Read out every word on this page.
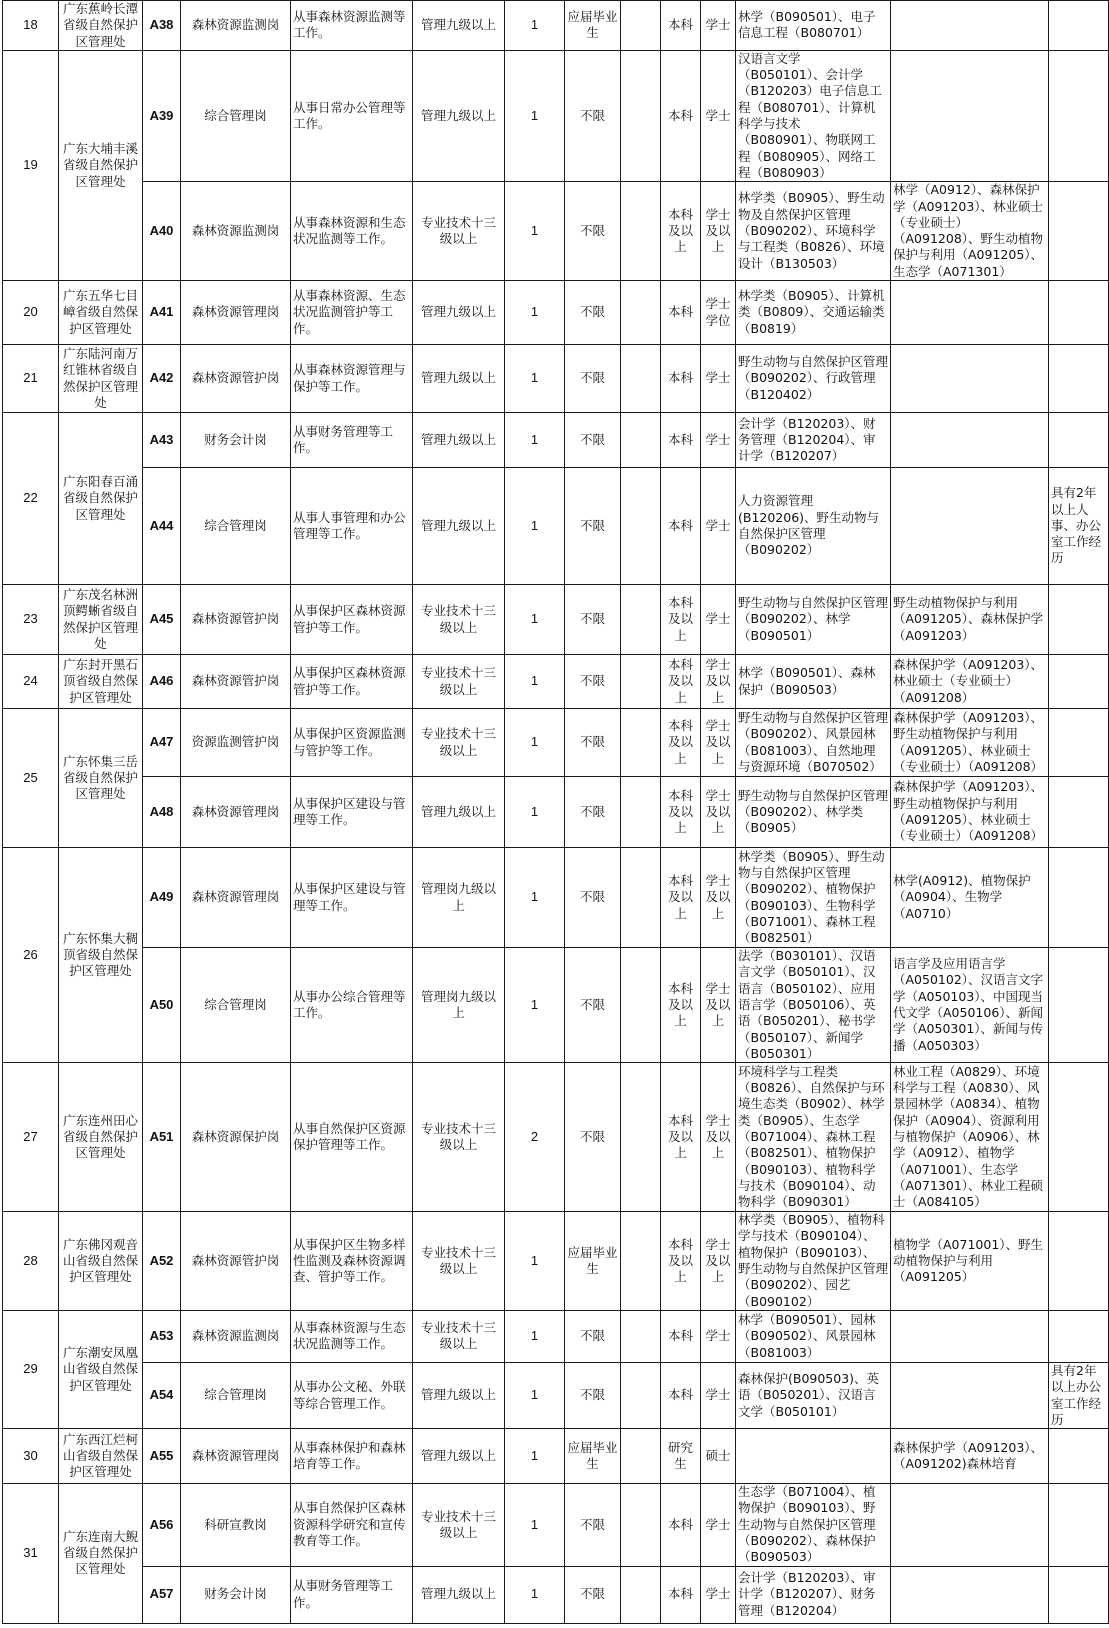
18	广东蕉岭长潭省级自然保护区管理处	A38	森林资源监测岗	从事森林资源监测等工作。	管理九级以上	1	应届毕业生		本科	学士	林学（B090501）、电子信息工程（B080701）		
19	广东大埔丰溪省级自然保护区管理处	A39	综合管理岗	从事日常办公管理等工作。	管理九级以上	1	不限		本科	学士	汉语言文学（B050101）、会计学（B120203）电子信息工程（B080701）、计算机科学与技术（B080901）、物联网工程（B080905）、网络工程（B080903）		
		A40	森林资源监测岗	从事森林资源和生态状况监测等工作。	专业技术十三级以上	1	不限		本科及以上	学士及以上	林学类（B0905）、野生动物及自然保护区管理（B090202）、环境科学与工程类（B0826）、环境设计（B130503）	林学（A0912）、森林保护学（A091203）、林业硕士（专业硕士）（A091208）、野生动植物保护与利用（A091205）、生态学（A071301）	
20	广东五华七目嶂省级自然保护区管理处	A41	森林资源管理岗	从事森林资源、生态状况监测管护等工作。	管理九级以上	1	不限		本科	学士学位	林学类（B0905）、计算机类（B0809）、交通运输类（B0819）		
21	广东陆河南万红锥林省级自然保护区管理处	A42	森林资源管护岗	从事森林资源管理与保护等工作。	管理九级以上	1	不限		本科	学士	野生动物与自然保护区管理（B090202）、行政管理（B120402）		
22	广东阳春百涌省级自然保护区管理处	A43	财务会计岗	从事财务管理等工作。	管理九级以上	1	不限		本科	学士	会计学（B120203）、财务管理（B120204）、审计学（B120207）		
		A44	综合管理岗	从事人事管理和办公管理等工作。	管理九级以上	1	不限		本科	学士	人力资源管理(B120206)、野生动物与自然保护区管理（B090202）		具有2年以上人事、办公室工作经历
23	广东茂名林洲顶鳄蜥省级自然保护区管理处	A45	森林资源管护岗	从事保护区森林资源管护等工作。	专业技术十三级以上	1	不限		本科及以上	学士	野生动物与自然保护区管理（B090202）、林学（B090501）	野生动植物保护与利用（A091205）、森林保护学（A091203）	
24	广东封开黑石顶省级自然保护区管理处	A46	森林资源管护岗	从事保护区森林资源管护等工作。	专业技术十三级以上	1	不限		本科及以上	学士及以上	林学（B090501）、森林保护（B090503）	森林保护学（A091203）、林业硕士（专业硕士）（A091208）	
25	广东怀集三岳省级自然保护区管理处	A47	资源监测管护岗	从事保护区资源监测与管护等工作。	专业技术十三级以上	1	不限		本科及以上	学士及以上	野生动物与自然保护区管理（B090202）、风景园林（B081003）、自然地理与资源环境（B070502）	森林保护学（A091203）、野生动植物保护与利用（A091205）、林业硕士（专业硕士）（A091208）	
		A48	森林资源管理岗	从事保护区建设与管理等工作。	管理九级以上	1	不限		本科及以上	学士及以上	野生动物与自然保护区管理（B090202）、林学类（B0905）	森林保护学（A091203）、野生动植物保护与利用（A091205）、林业硕士（专业硕士）（A091208）	
26	广东怀集大稠顶省级自然保护区管理处	A49	森林资源管理岗	从事保护区建设与管理等工作。	管理岗九级以上	1	不限		本科及以上	学士及以上	林学类（B0905）、野生动物与自然保护区管理（B090202）、植物保护（B090103）、生物科学（B071001）、森林工程（B082501）	林学(A0912)、植物保护（A0904）、生物学（A0710）	
		A50	综合管理岗	从事办公综合管理等工作。	管理岗九级以上	1	不限		本科及以上	学士及以上	法学（B030101）、汉语言文学（B050101）、汉语言（B050102）、应用语言学（B050106）、英语（B050201）、秘书学（B050107）、新闻学（B050301）	语言学及应用语言学（A050102）、汉语言文字学（A050103）、中国现当代文学（A050106）、新闻学（A050301）、新闻与传播（A050303）	
27	广东连州田心省级自然保护区管理处	A51	森林资源保护岗	从事自然保护区资源保护管理等工作。	专业技术十三级以上	2	不限		本科及以上	学士及以上	环境科学与工程类（B0826）、自然保护与环境生态类（B0902）、林学类（B0905）、生态学（B071004）、森林工程（B082501）、植物保护（B090103）、植物科学与技术（B090104）、动物科学（B090301）	林业工程（A0829）、环境科学与工程（A0830）、风景园林学（A0834）、植物保护（A0904）、资源利用与植物保护（A0906）、林学（A0912）、植物学（A071001）、生态学（A071301）、林业工程硕士（A084105）	
28	广东佛冈观音山省级自然保护区管理处	A52	森林资源管护岗	从事保护区生物多样性监测及森林资源调查、管护等工作。	专业技术十三级以上	1	应届毕业生		本科及以上	学士及以上	林学类（B0905）、植物科学与技术（B090104）、植物保护（B090103）、野生动物与自然保护区管理（B090202）、园艺（B090102）	植物学（A071001）、野生动植物保护与利用（A091205）	
29	广东潮安凤凰山省级自然保护区管理处	A53	森林资源监测岗	从事森林资源与生态状况监测等工作。	专业技术十三级以上	1	不限		本科	学士	林学（B090501）、园林（B090502）、风景园林（B081003）		
		A54	综合管理岗	从事办公文秘、外联等综合管理工作。	管理九级以上	1	不限		本科	学士	森林保护(B090503)、英语（B050201）、汉语言文学（B050101）		具有2年以上办公室工作经历
30	广东西江烂柯山省级自然保护区管理处	A55	森林资源管理岗	从事森林保护和森林培育等工作。	管理九级以上	1	应届毕业生		研究生	硕士		森林保护学（A091203）、（A091202)森林培育	
31	广东连南大鲵省级自然保护区管理处	A56	科研宣教岗	从事自然保护区森林资源科学研究和宣传教育等工作。	专业技术十三级以上	1	不限		本科	学士	生态学（B071004）、植物保护（B090103）、野生动物与自然保护区管理（B090202）、森林保护（B090503）		
		A57	财务会计岗	从事财务管理等工作。	管理九级以上	1	不限		本科	学士	会计学（B120203）、审计学（B120207）、财务管理（B120204）		
